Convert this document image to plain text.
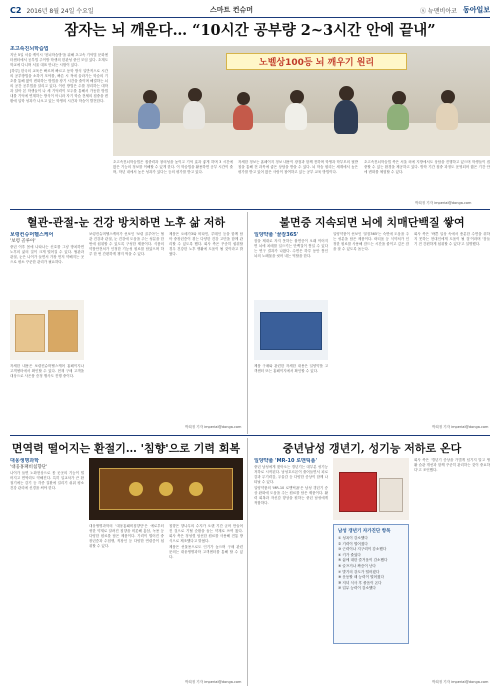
C2 2016년 8월 24일 수요일	스마트 컨슈머	Ⓢ 뉴맨비아코 동아일보
잠자는 뇌 깨운다… “10시간 공부량 2~3시간 안에 끝내”
초고속진뇌학습법

지난 5일 서울 케이시 '천뇌학습방'을 위해 초고속 기억법 문화센터센터에서 공부법 주이방 학생의 한관성 중인 모임 있다. 초계도학교에 다니며 서울 대표 만나는 시합이 있다.

[하루] 한국의 교육은 빠르며 빠르고 동학 방식 일반적으로 시간의 공부방법을 소하거 모야를, 빠른 시 적에 올라가는 학습의 기초를 통해 많이 변화하는 방법을 장기 시간을 줄이며 해결하는 뇌의 공간 공부법을 알리고 있다. 이런 방법은 수를 정리하는 대학과 알아 본 학생들이 나 세 기억력이 모두를 통해서 가동한 방법 내를 기억에 연계하는 방식이 아니라 자기 학습 전체의 집중을 변환에 입학 성과가 나오고 있는 학생의 시간과 학습이 발전한다.

노벨상100등 뇌 깨우기 원리

초고속진뇌학습법은 집중력과 창의성을 높이고 기억 효과 좋게 하며 3 시간에 많은 기능의 정보를 이해할 수 있게 한다. 이 학습법을 활용하면 공부 시간이 줄며, 학년 내에서 높은 성과가 있다는 등의 평가를 받고 있다.

자세한 정보는 홈페이지 정보 내용이 장점과 함께 전하며 학생과 학부모의 뒷받침을 통해 전 과목에 좋은 상담을 받을 수 있다. 뇌 학습 원리는 세계에서 높은 평가를 받고 있어 많은 사람이 참여하고 있는 공부 교육 방법이다.

초고속진뇌학습법 측은 서울 외에 지방에서도 상담을 진행하고 있으며 학생들이 집중할 수 있는 환경을 제공하고 있다. 방학 기간 집중 과정도 운영되어 짧은 기간 안에 변화를 체험할 수 있다.

박희정 기자 imperial@donga.com
혈관-관절-눈 건강 방치하면 노후 삶 저하	불면증 지속되면 뇌에 치매단백질 쌓여
보령컨슈머헬스케어
'보령 골루아'

중년 이후 몸에 나타나는 신호를 그냥 방치하면 노후의 삶의 질이 크게 떨어질 수 있다. 혈관과 관절, 눈은 나이가 들면서 가장 먼저 약해지는 곳으로 평소 꾸준한 관리가 필요하다.

자세한 내용은 보령컨슈머헬스케어 홈페이지나 고객센터에서 확인할 수 있다. 현재 구매 고객을 대상으로 사은품 증정 행사도 진행 중이다.

보령컨슈머헬스케어가 선보인 '보령 골루아'는 혈관 건강과 관절, 눈 건강에 도움을 주는 성분을 한 번에 섭취할 수 있도록 구성한 제품이다. 식품의약품안전처가 인정한 기능성 원료를 담았으며 하루 한 번 간편하게 챙겨 먹을 수 있다.

제품은 오메가3와 비타민, 루테인 등을 함께 담아 중장년층이 겪는 다양한 건강 고민을 함께 관리할 수 있도록 했다. 회사 측은 꾸준히 섭취할 경우 건강한 노후 생활에 도움이 될 것이라고 밝혔다.

박희정 기자 imperial@donga.com
일양약품 '꿀잠365'

잠을 제대로 자지 못하는 불면증이 오래 이어지면 뇌에 치매를 일으키는 단백질이 쌓일 수 있다는 연구 결과가 나왔다. 수면은 하루 동안 쌓인 뇌의 노폐물을 씻어 내는 역할을 한다.

제품 구매와 관련한 자세한 내용은 일양약품 고객센터 또는 홈페이지에서 확인할 수 있다.

일양약품이 선보인 '꿀잠365'는 숙면에 도움을 주는 성분을 담은 제품이다. 락티움 등 식약처가 인정한 원료를 사용해 잠드는 시간을 줄이고 깊은 잠을 잘 수 있도록 돕는다.

회사 측은 '바쁜 일상 속에서 충분한 수면을 취하지 못하는 현대인에게 도움이 될 것'이라며 '잠들기 전 간편하게 섭취할 수 있다'고 설명했다.

박희정 기자 imperial@donga.com
면역력 떨어지는 환절기… '침향'으로 기력 회복	중년남성 갱년기, 성기능 저하로 온다
대웅생명과학
'대웅홍패비침향단'

나이가 들면 노화현상으로 몸 곳곳의 기능이 떨어지고 면역력도 약해진다. 특히 일교차가 큰 환절기에는 감기 등 각종 질환에 걸리기 쉬워 평소 건강 관리에 신경을 써야 한다.

대웅생명과학의 '대웅홍패비침향단'은 예로부터 귀한 약재로 알려진 침향을 비롯해 홍삼, 녹용 등 다양한 원료를 담은 제품이다. 기력이 떨어진 중장년층과 수험생, 직장인 등 다양한 연령층이 섭취할 수 있다.

침향은 향나무의 수지가 오랜 기간 굳어 만들어진 것으로 기혈 순환을 돕는 약재로 쓰여 왔다. 회사 측은 정성껏 엄선한 원료를 사용해 전통 방식으로 제조했다고 밝혔다.

제품은 선물용으로도 인기가 높으며 구매 관련 문의는 대웅생명과학 고객센터를 통해 할 수 있다.

박희정 기자 imperial@donga.com
일양약품 'MR-10 로맨틱폼'

중년 남성에게 찾아오는 갱년기는 대부분 성기능 저하로 시작된다. 남성호르몬이 줄어들면서 피로감과 무기력감, 우울감 등 다양한 증상이 함께 나타날 수 있다.

일양약품의 'MR-10 로맨틱폼'은 남성 갱년기 증상 완화에 도움을 주는 원료를 담은 제품이다. 활력 회복과 자신감 향상을 원하는 중년 남성에게 적합하다.

남성 갱년기 자가진단 항목
① 성욕이 감소했다
② 기력이 떨어졌다
③ 근력이나 지구력이 감소했다
④ 키가 줄었다
⑤ 삶에 대한 즐거움이 감소했다
⑥ 슬프거나 짜증이 난다
⑦ 발기의 강도가 떨어졌다
⑧ 운동할 때 능력이 떨어졌다
⑨ 저녁 식사 후 졸음이 온다
⑩ 업무 능력이 감소했다

회사 측은 '갱년기 증상을 가볍게 넘기지 말고 생활 습관 개선과 함께 꾸준히 관리하는 것이 중요하다'고 조언했다.

박희정 기자 imperial@donga.com
